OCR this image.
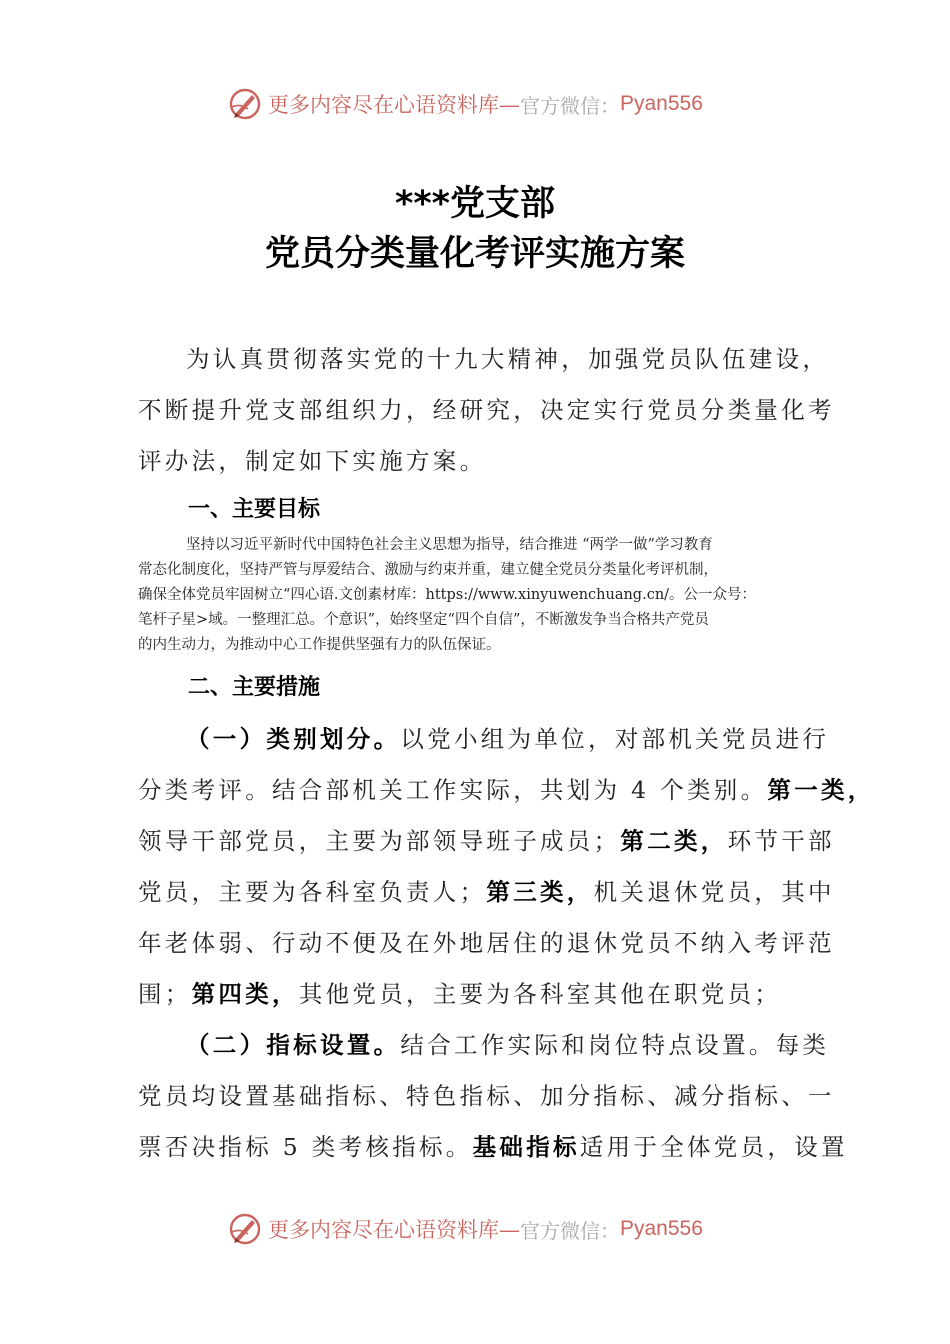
更多内容尽在心语资料库— 官方微信： Pyan556
***党支部
党员分类量化考评实施方案
为认真贯彻落实党的十九大精神，加强党员队伍建设，
不断提升党支部组织力，经研究，决定实行党员分类量化考
评办法，制定如下实施方案。
一、主要目标
坚持以习近平新时代中国特色社会主义思想为指导，结合推进 “两学一做”学习教育
常态化制度化，坚持严管与厚爱结合、激励与约束并重，建立健全党员分类量化考评机制，
确保全体党员牢固树立“四心语.文创素材库：https://www.xinyuwenchuang.cn/。公一众号：
笔杆子星>域。一整理汇总。个意识”，始终坚定“四个自信”，不断激发争当合格共产党员
的内生动力，为推动中心工作提供坚强有力的队伍保证。
二、主要措施
（一）类别划分。以党小组为单位，对部机关党员进行
分类考评。结合部机关工作实际，共划为 4 个类别。第一类，
领导干部党员，主要为部领导班子成员；第二类，环节干部
党员，主要为各科室负责人；第三类，机关退休党员，其中
年老体弱、行动不便及在外地居住的退休党员不纳入考评范
围；第四类，其他党员，主要为各科室其他在职党员；
（二）指标设置。结合工作实际和岗位特点设置。每类
党员均设置基础指标、特色指标、加分指标、减分指标、一
票否决指标 5 类考核指标。基础指标适用于全体党员，设置
更多内容尽在心语资料库— 官方微信： Pyan556
